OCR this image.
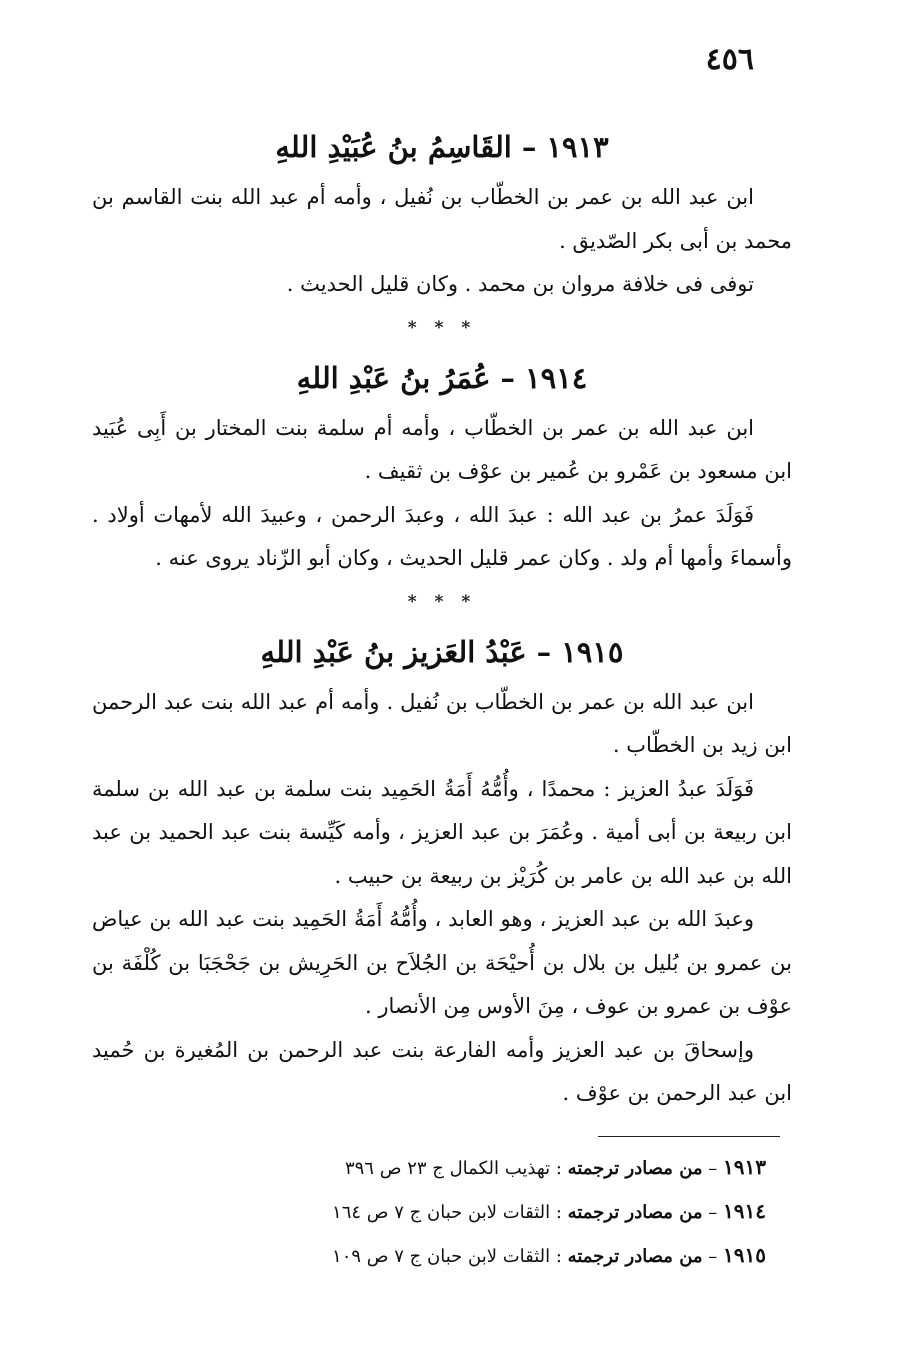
٤٥٦
١٩١٣–القَاسِمُ بنُ عُبَيْدِ اللهِ

ابن عبد الله بن عمر بن الخطّاب بن نُفيل ، وأمه أم عبد الله بنت القاسم بن محمد بن أبى بكر الصّديق .

توفى فى خلافة مروان بن محمد . وكان قليل الحديث .

* * *

١٩١٤–عُمَرُ بنُ عَبْدِ اللهِ

ابن عبد الله بن عمر بن الخطّاب ، وأمه أم سلمة بنت المختار بن أَبِى عُبَيد ابن مسعود بن عَمْرو بن عُمير بن عوْف بن ثقيف .

فَوَلَدَ عمرُ بن عبد الله : عبدَ الله ، وعبدَ الرحمن ، وعبيدَ الله لأمهات أولاد . وأسماءَ وأمها أم ولد . وكان عمر قليل الحديث ، وكان أبو الزّناد يروى عنه .

* * *

١٩١٥–عَبْدُ العَزيز بنُ عَبْدِ اللهِ

ابن عبد الله بن عمر بن الخطّاب بن نُفيل . وأمه أم عبد الله بنت عبد الرحمن ابن زيد بن الخطّاب .

فَوَلَدَ عبدُ العزيز : محمدًا ، وأُمُّهُ أَمَةُ الحَمِيد بنت سلمة بن عبد الله بن سلمة ابن ربيعة بن أبى أمية . وعُمَرَ بن عبد العزيز ، وأمه كَيِّسة بنت عبد الحميد بن عبد الله بن عبد الله بن عامر بن كُرَيْز بن ربيعة بن حبيب .

وعبدَ الله بن عبد العزيز ، وهو العابد ، وأُمُّهُ أَمَةُ الحَمِيد بنت عبد الله بن عياض بن عمرو بن بُليل بن بلال بن أُحيْحَة بن الجُلاَح بن الحَرِيش بن جَحْجَبَا بن كُلْفَة بن عوْف بن عمرو بن عوف ، مِنَ الأوس مِن الأنصار .

وإسحاقَ بن عبد العزيز وأمه الفارعة بنت عبد الرحمن بن المُغيرة بن حُميد ابن عبد الرحمن بن عوْف .

١٩١٣ – من مصادر ترجمته : تهذيب الكمال ج ٢٣ ص ٣٩٦

١٩١٤ – من مصادر ترجمته : الثقات لابن حبان ج ٧ ص ١٦٤

١٩١٥ – من مصادر ترجمته : الثقات لابن حبان ج ٧ ص ١٠٩
